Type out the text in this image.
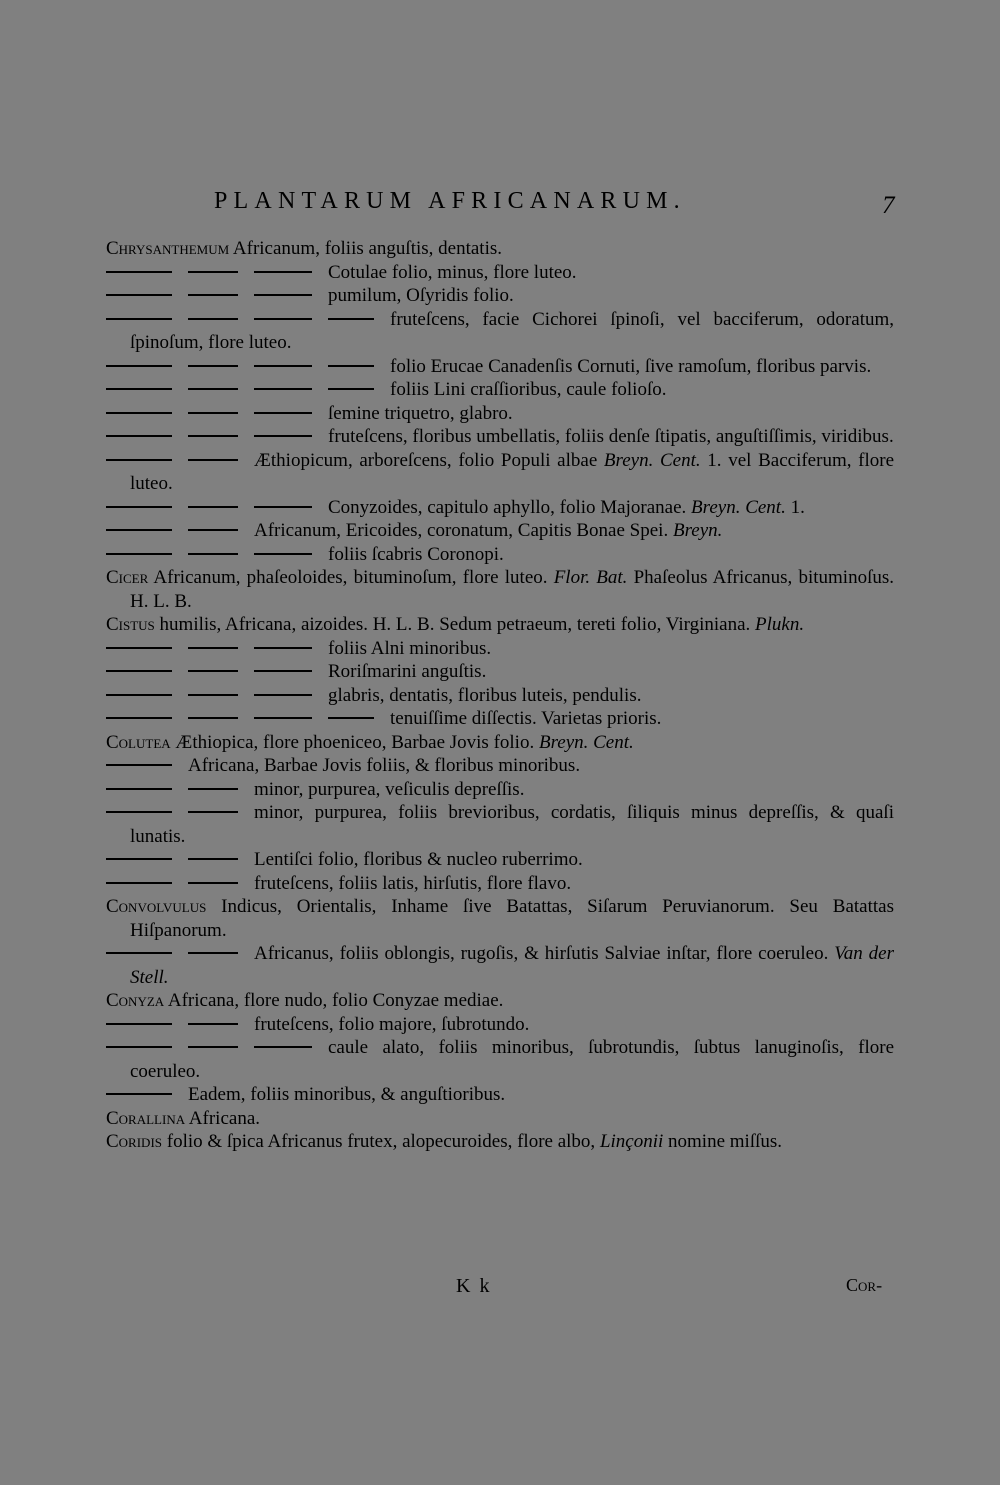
PLANTARUM AFRICANARUM.	7

Chrysanthemum Africanum, foliis anguſtis, dentatis.

Cotulae folio, minus, flore luteo.

pumilum, Oſyridis folio.

fruteſcens, facie Cichorei ſpinoſi, vel bacciferum, odoratum, ſpinoſum, flore luteo.

folio Erucae Canadenſis Cornuti, ſive ramoſum, floribus parvis.

foliis Lini craſſioribus, caule folioſo.

ſemine triquetro, glabro.

fruteſcens, floribus umbellatis, foliis denſe ſtipatis, anguſtiſſimis, viridibus.

Æthiopicum, arboreſcens, folio Populi albae Breyn. Cent. 1. vel Bacciferum, flore luteo.

Conyzoides, capitulo aphyllo, folio Majoranae. Breyn. Cent. 1.

Africanum, Ericoides, coronatum, Capitis Bonae Spei. Breyn.

foliis ſcabris Coronopi.

Cicer Africanum, phaſeoloides, bituminoſum, flore luteo. Flor. Bat. Phaſeolus Africanus, bituminoſus. H. L. B.

Cistus humilis, Africana, aizoides. H. L. B. Sedum petraeum, tereti folio, Virginiana. Plukn.

foliis Alni minoribus.

Roriſmarini anguſtis.

glabris, dentatis, floribus luteis, pendulis.

tenuiſſime diſſectis. Varietas prioris.

Colutea Æthiopica, flore phoeniceo, Barbae Jovis folio. Breyn. Cent.

Africana, Barbae Jovis foliis, & floribus minoribus.

minor, purpurea, veſiculis depreſſis.

minor, purpurea, foliis brevioribus, cordatis, ſiliquis minus depreſſis, & quaſi lunatis.

Lentiſci folio, floribus & nucleo ruberrimo.

fruteſcens, foliis latis, hirſutis, flore flavo.

Convolvulus Indicus, Orientalis, Inhame ſive Batattas, Siſarum Peruvianorum. Seu Batattas Hiſpanorum.

Africanus, foliis oblongis, rugoſis, & hirſutis Salviae inſtar, flore coeruleo. Van der Stell.

Conyza Africana, flore nudo, folio Conyzae mediae.

fruteſcens, folio majore, ſubrotundo.

caule alato, foliis minoribus, ſubrotundis, ſubtus lanuginoſis, flore coeruleo.

Eadem, foliis minoribus, & anguſtioribus.

Corallina Africana.

Coridis folio & ſpica Africanus frutex, alopecuroides, flore albo, Linçonii nomine miſſus.

K k	Cor-
